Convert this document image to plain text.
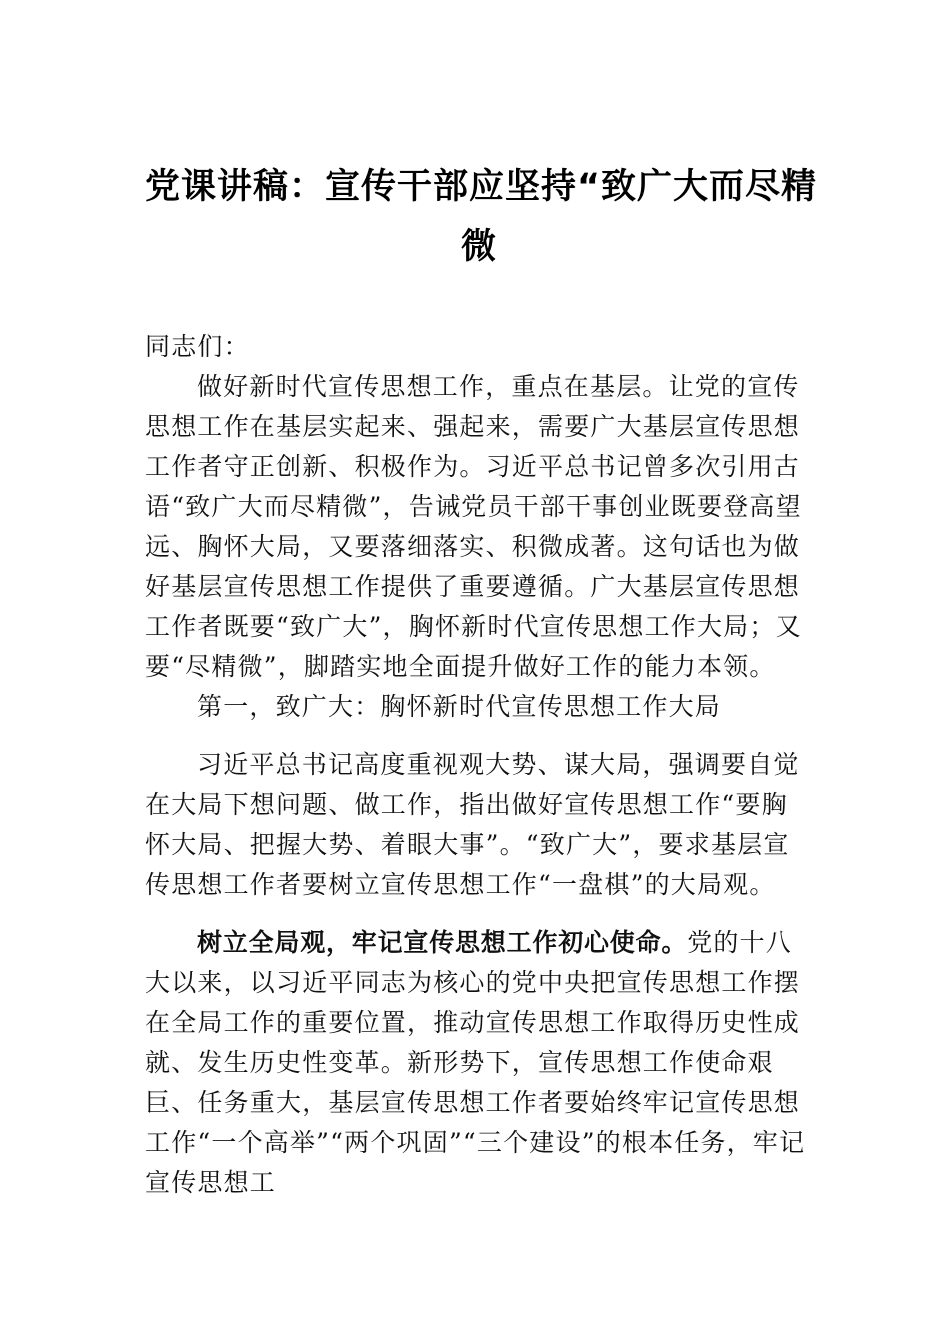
党课讲稿：宣传干部应坚持“致广大而尽精
微

同志们：

做好新时代宣传思想工作，重点在基层。让党的宣传思想工作在基层实起来、强起来，需要广大基层宣传思想工作者守正创新、积极作为。习近平总书记曾多次引用古语“致广大而尽精微”，告诫党员干部干事创业既要登高望远、胸怀大局，又要落细落实、积微成著。这句话也为做好基层宣传思想工作提供了重要遵循。广大基层宣传思想工作者既要“致广大”，胸怀新时代宣传思想工作大局；又要“尽精微”，脚踏实地全面提升做好工作的能力本领。

第一，致广大：胸怀新时代宣传思想工作大局

习近平总书记高度重视观大势、谋大局，强调要自觉在大局下想问题、做工作，指出做好宣传思想工作“要胸怀大局、把握大势、着眼大事”。“致广大”，要求基层宣传思想工作者要树立宣传思想工作“一盘棋”的大局观。

树立全局观，牢记宣传思想工作初心使命。党的十八大以来，以习近平同志为核心的党中央把宣传思想工作摆在全局工作的重要位置，推动宣传思想工作取得历史性成就、发生历史性变革。新形势下，宣传思想工作使命艰巨、任务重大，基层宣传思想工作者要始终牢记宣传思想工作“一个高举”“两个巩固”“三个建设”的根本任务，牢记宣传思想工
